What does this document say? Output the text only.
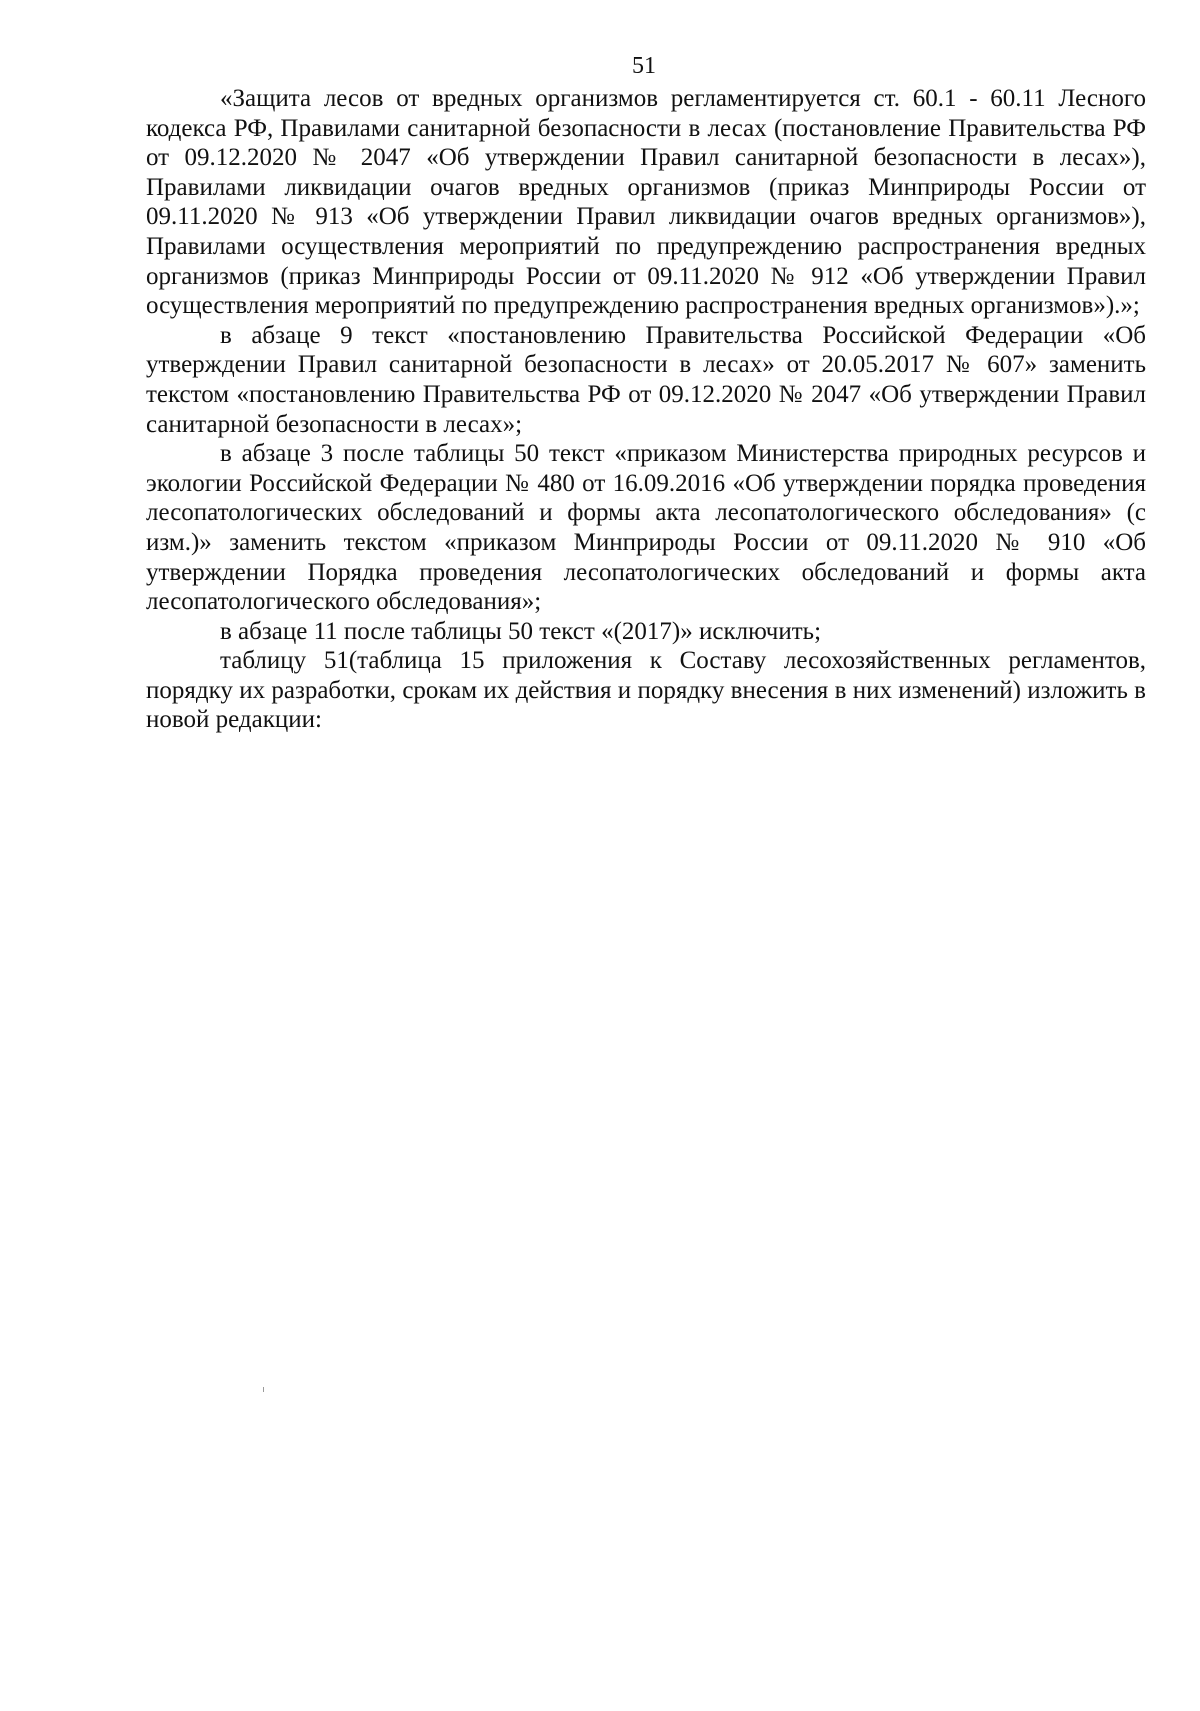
51

«Защита лесов от вредных организмов регламентируется ст. 60.1 - 60.11 Лесного кодекса РФ, Правилами санитарной безопасности в лесах (постановление Правительства РФ от 09.12.2020 № 2047 «Об утверждении Правил санитарной безопасности в лесах»), Правилами ликвидации очагов вредных организмов (приказ Минприроды России от 09.11.2020 № 913 «Об утверждении Правил ликвидации очагов вредных организмов»), Правилами осуществления мероприятий по предупреждению распространения вредных организмов (приказ Минприроды России от 09.11.2020 № 912 «Об утверждении Правил осуществления мероприятий по предупреждению распространения вредных организмов»).»;

в абзаце 9 текст «постановлению Правительства Российской Федерации «Об утверждении Правил санитарной безопасности в лесах» от 20.05.2017 № 607» заменить текстом «постановлению Правительства РФ от 09.12.2020 № 2047 «Об утверждении Правил санитарной безопасности в лесах»;

в абзаце 3 после таблицы 50 текст «приказом Министерства природных ресурсов и экологии Российской Федерации № 480 от 16.09.2016 «Об утверждении порядка проведения лесопатологических обследований и формы акта лесопатологического обследования» (с изм.)» заменить текстом «приказом Минприроды России от 09.11.2020 № 910 «Об утверждении Порядка проведения лесопатологических обследований и формы акта лесопатологического обследования»;

в абзаце 11 после таблицы 50 текст «(2017)» исключить;

таблицу 51(таблица 15 приложения к Составу лесохозяйственных регламентов, порядку их разработки, срокам их действия и порядку внесения в них изменений) изложить в новой редакции:
